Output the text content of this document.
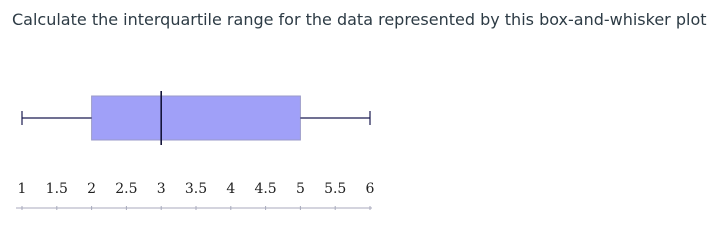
Calculate the interquartile range for the data represented by this box-and-whisker plot

1 1.5 2 2.5 3 3.5 4 4.5 5 5.5 6
